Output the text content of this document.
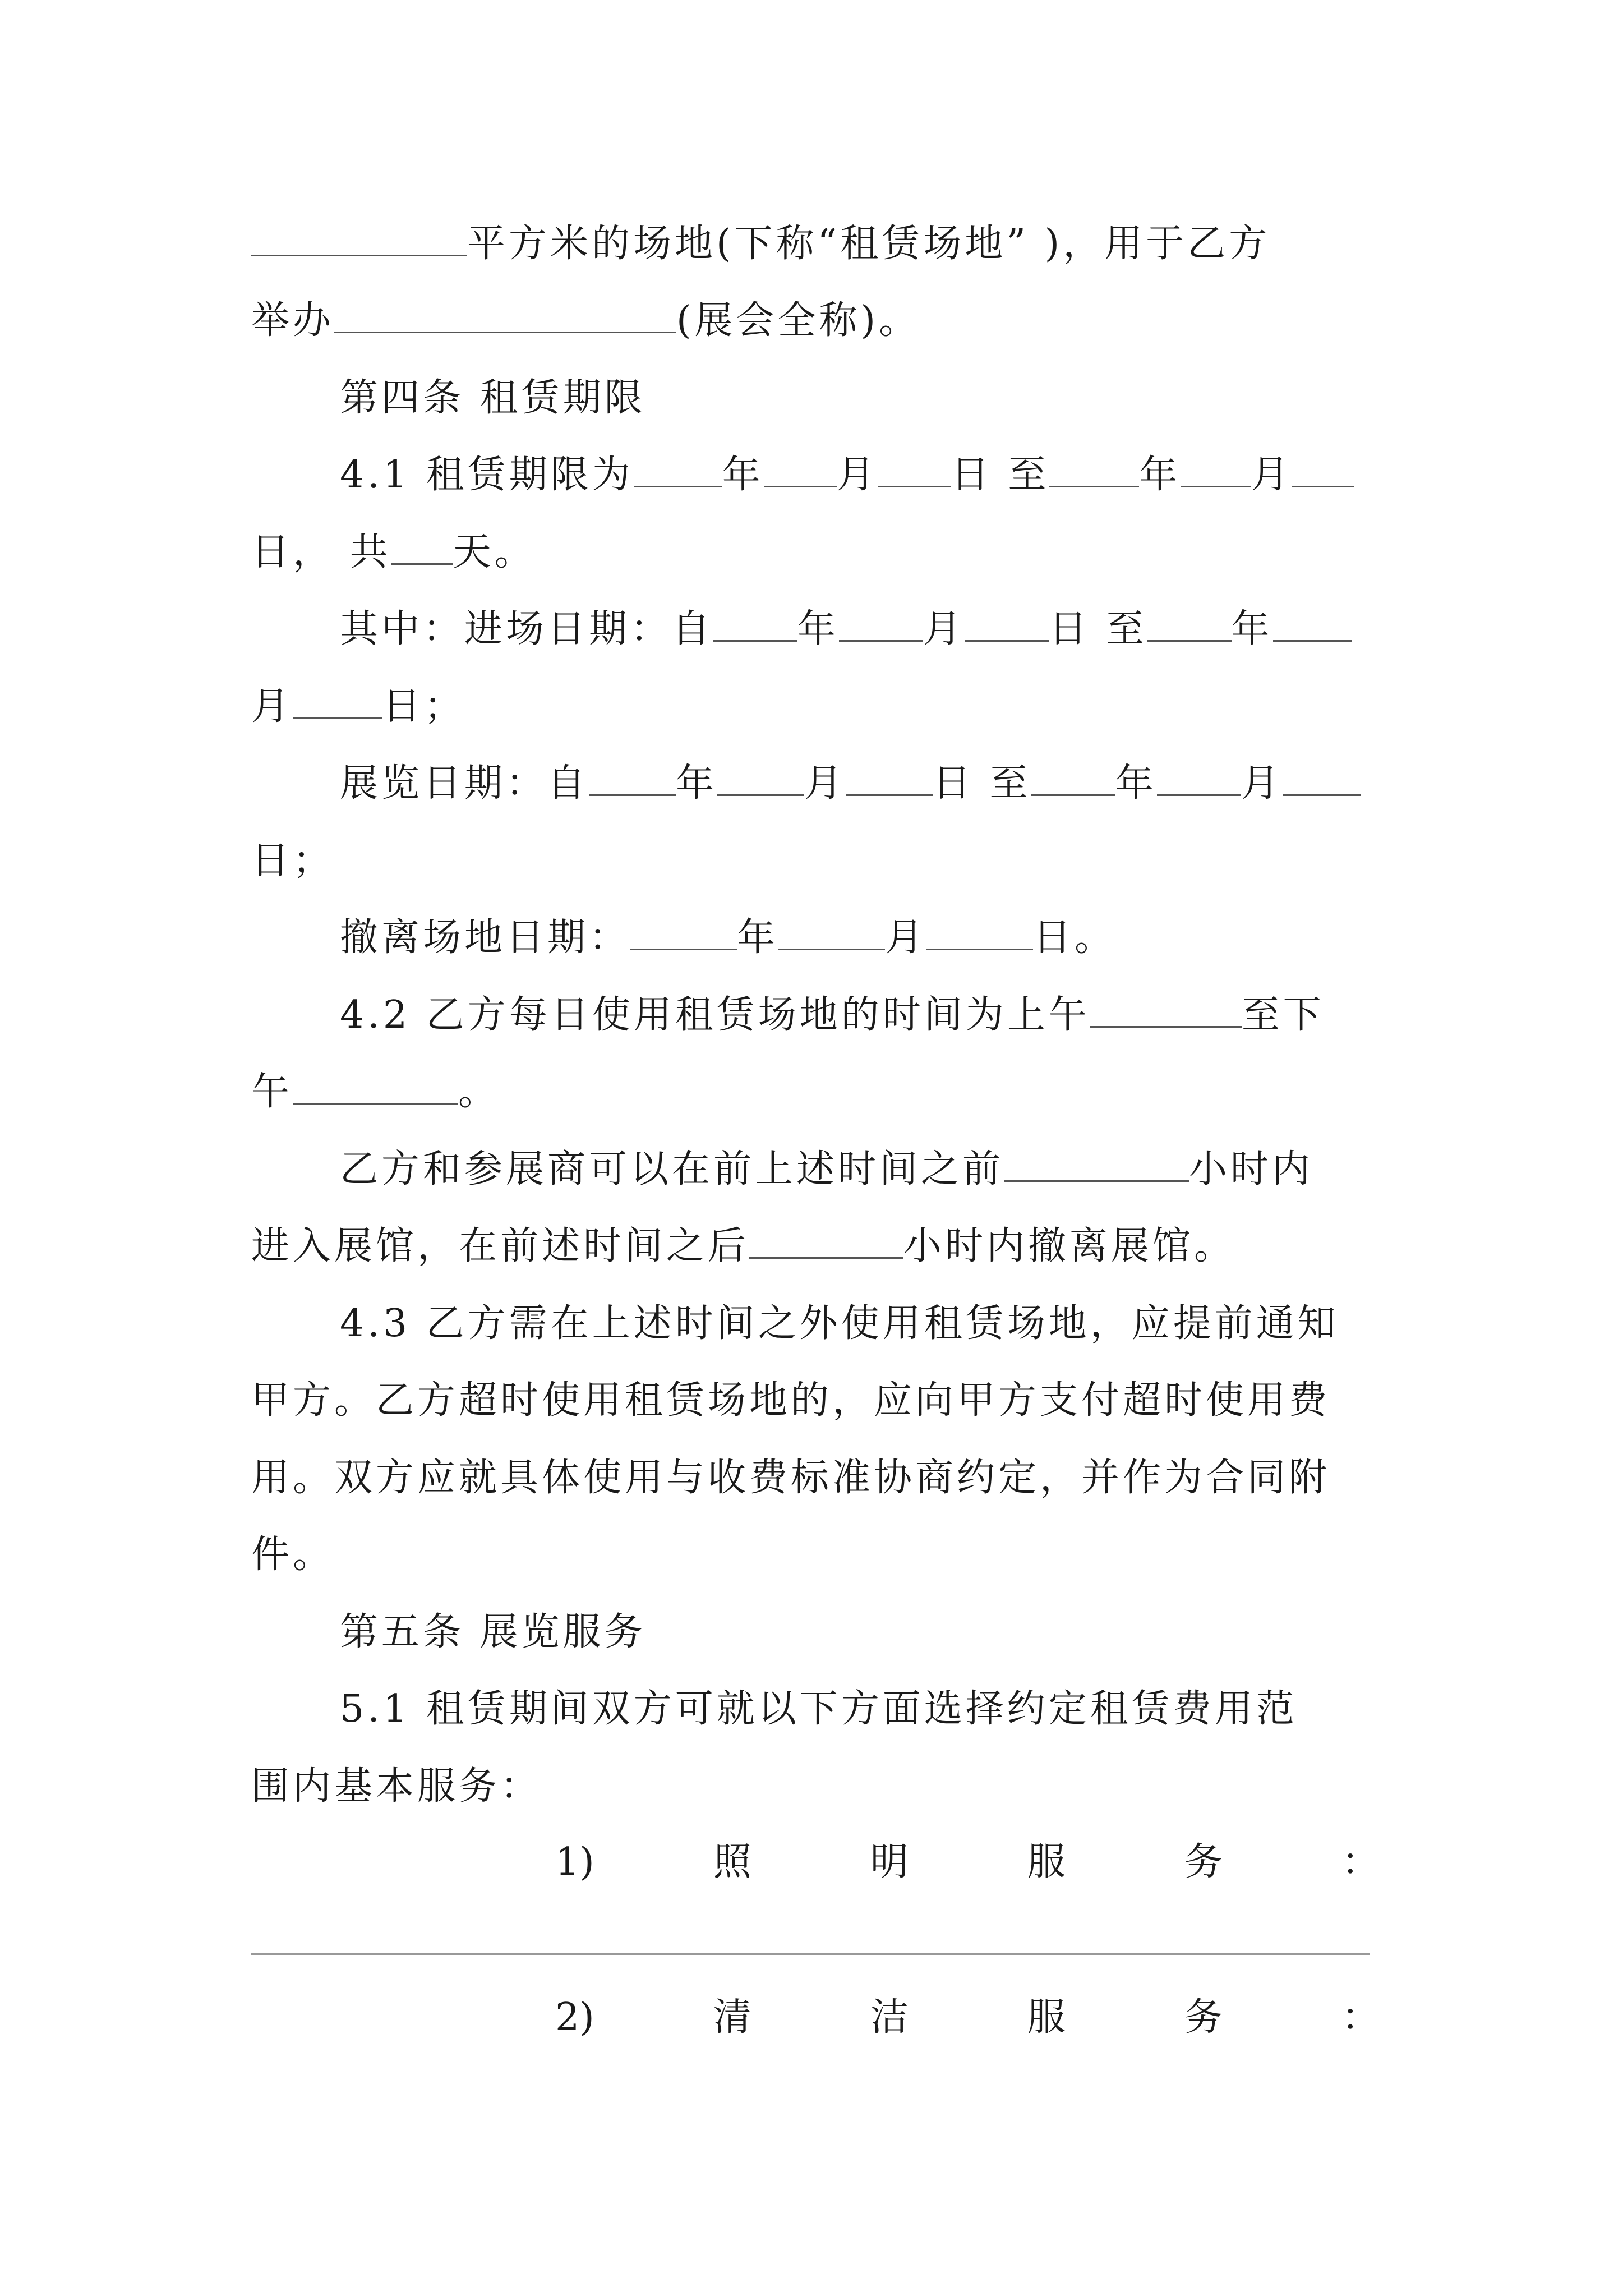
平方米的场地(下称“租赁场地” )，用于乙方
举办	(展会全称)。
第四条 租赁期限
4.1 租赁期限为 年 月 日 至 年 月
日， 共 天。
其中：进场日期：自 年 月 日 至 年
月 日；
展览日期：自 年 月 日 至 年 月
日；
撤离场地日期：	年	月	日。
4.2 乙方每日使用租赁场地的时间为上午	至下
午	。
乙方和参展商可以在前上述时间之前	小时内
进入展馆，在前述时间之后	小时内撤离展馆。
4.3 乙方需在上述时间之外使用租赁场地，应提前通知
甲方。乙方超时使用租赁场地的，应向甲方支付超时使用费
用。双方应就具体使用与收费标准协商约定，并作为合同附
件。
第五条 展览服务
5.1 租赁期间双方可就以下方面选择约定租赁费用范
围内基本服务：
1)	照	明	服	务	：
2)	清	洁	服	务	：
